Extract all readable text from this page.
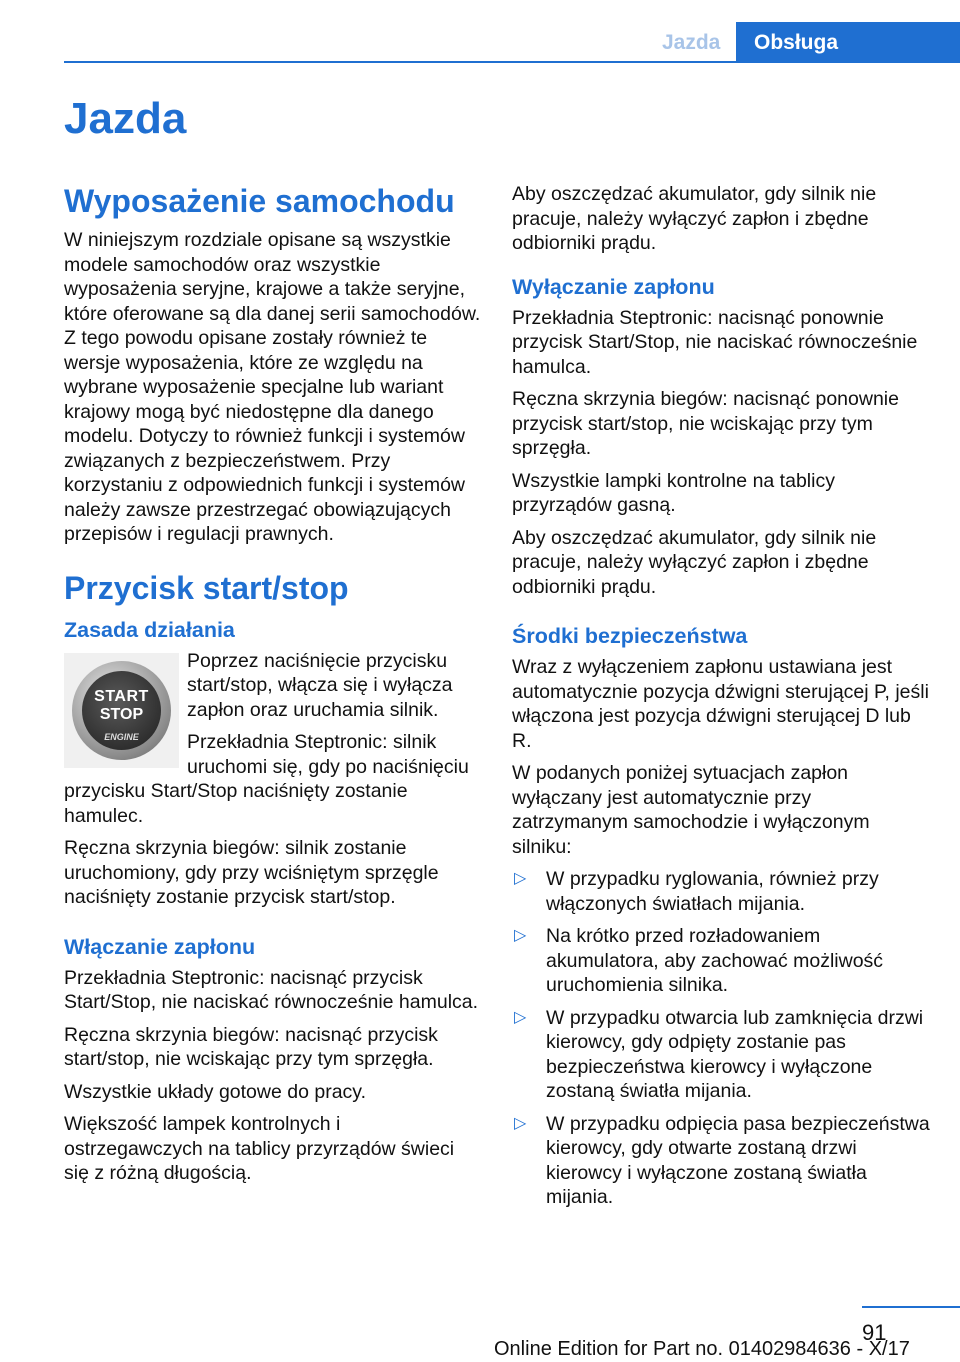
Jazda	Obsługa
Jazda
Wyposażenie samochodu

W niniejszym rozdziale opisane są wszystkie modele samochodów oraz wszystkie wyposażenia seryjne, krajowe a także seryjne, które oferowane są dla danej serii samochodów. Z tego powodu opisane zostały również te wersje wyposażenia, które ze względu na wybrane wyposażenie specjalne lub wariant krajowy mogą być niedostępne dla danego modelu. Dotyczy to również funkcji i systemów związanych z bezpieczeństwem. Przy korzystaniu z odpowiednich funkcji i systemów należy zawsze przestrzegać obowiązujących przepisów i regulacji prawnych.

Przycisk start/stop
Zasada działania
START
STOP
ENGINE

Poprzez naciśnięcie przycisku start/stop, włącza się i wyłącza zapłon oraz uruchamia silnik.

Przekładnia Steptronic: silnik uruchomi się, gdy po naciśnięciu przycisku Start/Stop naciśnięty zostanie hamulec.

Ręczna skrzynia biegów: silnik zostanie uruchomiony, gdy przy wciśniętym sprzęgle naciśnięty zostanie przycisk start/stop.

Włączanie zapłonu

Przekładnia Steptronic: nacisnąć przycisk Start/Stop, nie naciskać równocześnie hamulca.

Ręczna skrzynia biegów: nacisnąć przycisk start/stop, nie wciskając przy tym sprzęgła.

Wszystkie układy gotowe do pracy.

Większość lampek kontrolnych i ostrzegawczych na tablicy przyrządów świeci się z różną długością.

Aby oszczędzać akumulator, gdy silnik nie pracuje, należy wyłączyć zapłon i zbędne odbiorniki prądu.

Wyłączanie zapłonu

Przekładnia Steptronic: nacisnąć ponownie przycisk Start/Stop, nie naciskać równocześnie hamulca.

Ręczna skrzynia biegów: nacisnąć ponownie przycisk start/stop, nie wciskając przy tym sprzęgła.

Wszystkie lampki kontrolne na tablicy przyrządów gasną.

Aby oszczędzać akumulator, gdy silnik nie pracuje, należy wyłączyć zapłon i zbędne odbiorniki prądu.

Środki bezpieczeństwa

Wraz z wyłączeniem zapłonu ustawiana jest automatycznie pozycja dźwigni sterującej P, jeśli włączona jest pozycja dźwigni sterującej D lub R.

W podanych poniżej sytuacjach zapłon wyłączany jest automatycznie przy zatrzymanym samochodzie i wyłączonym silniku:

▷ W przypadku ryglowania, również przy włączonych światłach mijania.
▷ Na krótko przed rozładowaniem akumulatora, aby zachować możliwość uruchomienia silnika.
▷ W przypadku otwarcia lub zamknięcia drzwi kierowcy, gdy odpięty zostanie pas bezpieczeństwa kierowcy i wyłączone zostaną światła mijania.
▷ W przypadku odpięcia pasa bezpieczeństwa kierowcy, gdy otwarte zostaną drzwi kierowcy i wyłączone zostaną światła mijania.
91
Online Edition for Part no. 01402984636 - X/17
